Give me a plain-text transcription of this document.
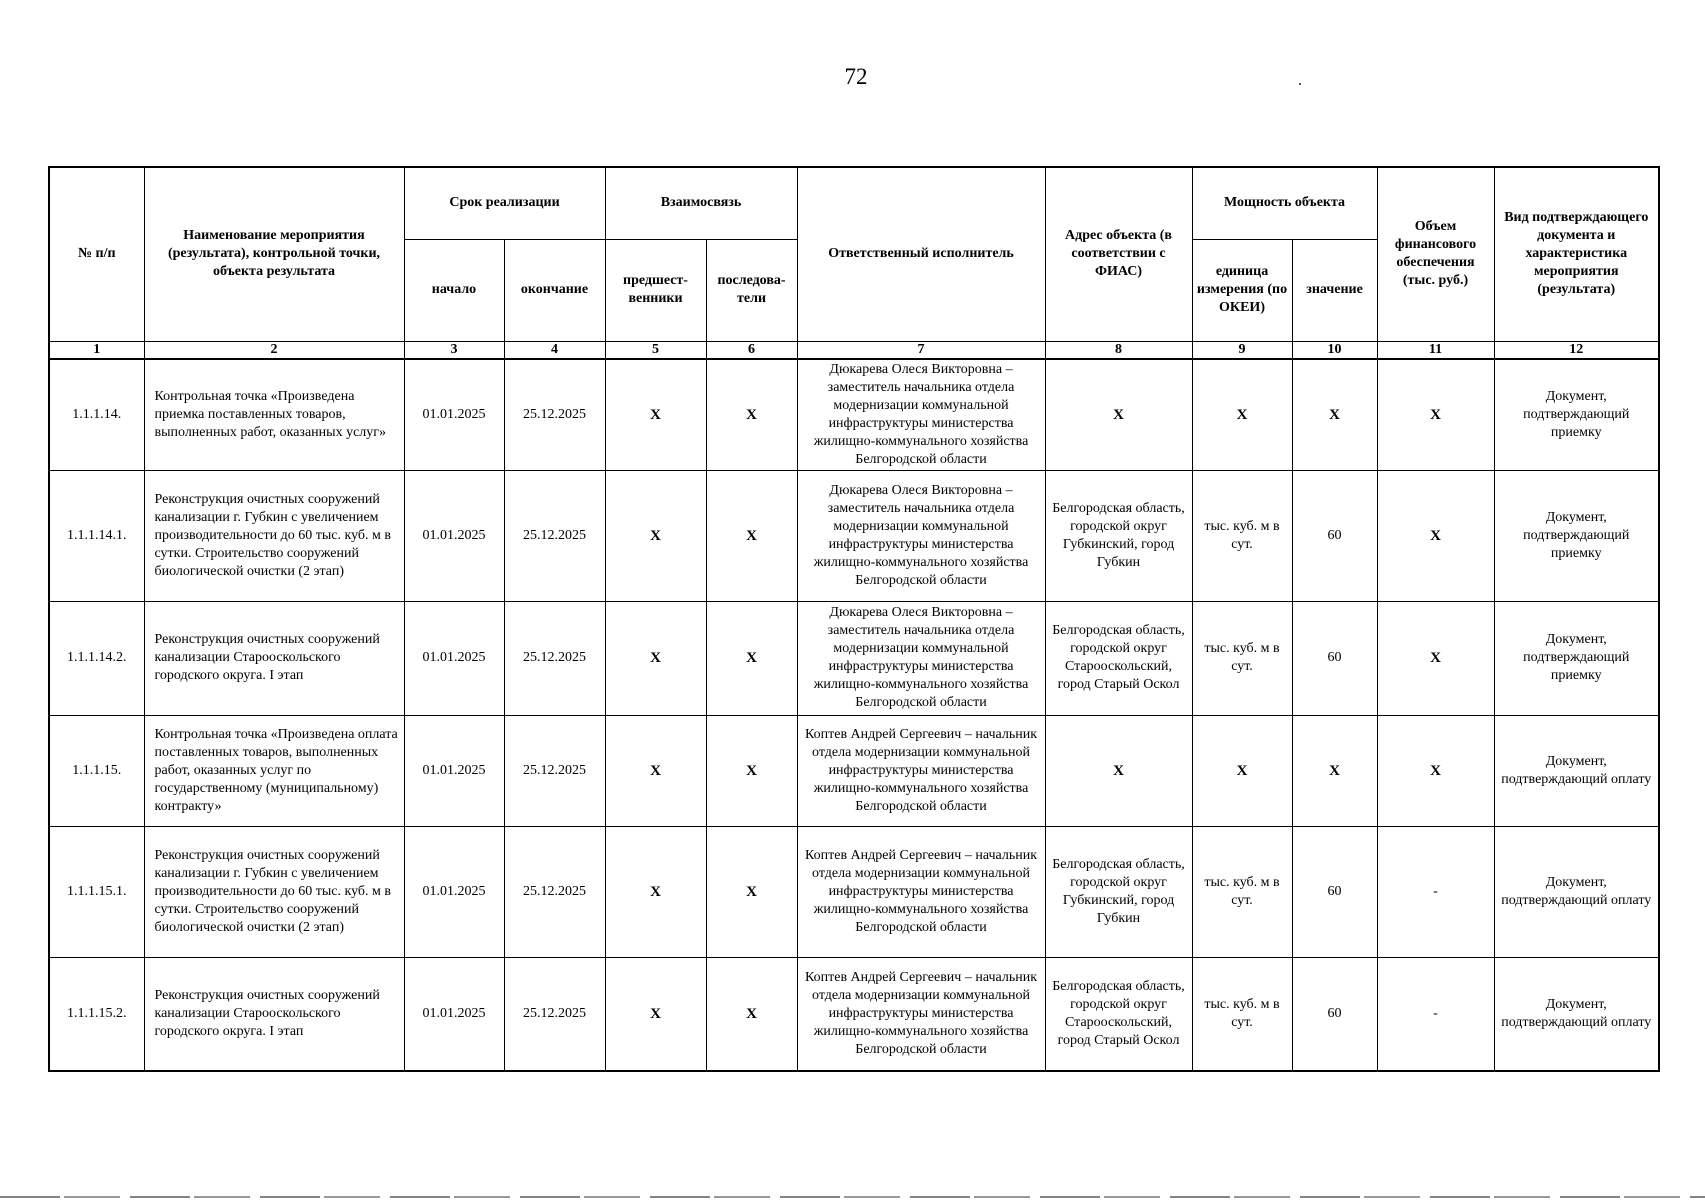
72
№ п/п	Наименование мероприятия (результата), контрольной точки, объекта результата	Срок реализации		Взаимосвязь		Ответственный исполнитель	Адрес объекта (в соответствии с ФИАС)	Мощность объекта		Объем финансового обеспечения (тыс. руб.)	Вид подтверждающего документа и характеристика мероприятия (результата)
		начало	окончание	предшест-венники	последова-тели			единица измерения (по ОКЕИ)	значение		
1	2	3	4	5	6	7	8	9	10	11	12
1.1.1.14.	Контрольная точка «Произведена приемка поставленных товаров, выполненных работ, оказанных услуг»	01.01.2025	25.12.2025	X	X	Дюкарева Олеся Викторовна – заместитель начальника отдела модернизации коммунальной инфраструктуры министерства жилищно-коммунального хозяйства Белгородской области	X	X	X	X	Документ, подтверждающий приемку
1.1.1.14.1.	Реконструкция очистных сооружений канализации г. Губкин с увеличением производительности до 60 тыс. куб. м в сутки. Строительство сооружений биологической очистки (2 этап)	01.01.2025	25.12.2025	X	X	Дюкарева Олеся Викторовна – заместитель начальника отдела модернизации коммунальной инфраструктуры министерства жилищно-коммунального хозяйства Белгородской области	Белгородская область, городской округ Губкинский, город Губкин	тыс. куб. м в сут.	60	X	Документ, подтверждающий приемку
1.1.1.14.2.	Реконструкция очистных сооружений канализации Старооскольского городского округа. I этап	01.01.2025	25.12.2025	X	X	Дюкарева Олеся Викторовна – заместитель начальника отдела модернизации коммунальной инфраструктуры министерства жилищно-коммунального хозяйства Белгородской области	Белгородская область, городской округ Старооскольский, город Старый Оскол	тыс. куб. м в сут.	60	X	Документ, подтверждающий приемку
1.1.1.15.	Контрольная точка «Произведена оплата поставленных товаров, выполненных работ, оказанных услуг по государственному (муниципальному) контракту»	01.01.2025	25.12.2025	X	X	Коптев Андрей Сергеевич – начальник отдела модернизации коммунальной инфраструктуры министерства жилищно-коммунального хозяйства Белгородской области	X	X	X	X	Документ, подтверждающий оплату
1.1.1.15.1.	Реконструкция очистных сооружений канализации г. Губкин с увеличением производительности до 60 тыс. куб. м в сутки. Строительство сооружений биологической очистки (2 этап)	01.01.2025	25.12.2025	X	X	Коптев Андрей Сергеевич – начальник отдела модернизации коммунальной инфраструктуры министерства жилищно-коммунального хозяйства Белгородской области	Белгородская область, городской округ Губкинский, город Губкин	тыс. куб. м в сут.	60	-	Документ, подтверждающий оплату
1.1.1.15.2.	Реконструкция очистных сооружений канализации Старооскольского городского округа. I этап	01.01.2025	25.12.2025	X	X	Коптев Андрей Сергеевич – начальник отдела модернизации коммунальной инфраструктуры министерства жилищно-коммунального хозяйства Белгородской области	Белгородская область, городской округ Старооскольский, город Старый Оскол	тыс. куб. м в сут.	60	-	Документ, подтверждающий оплату
